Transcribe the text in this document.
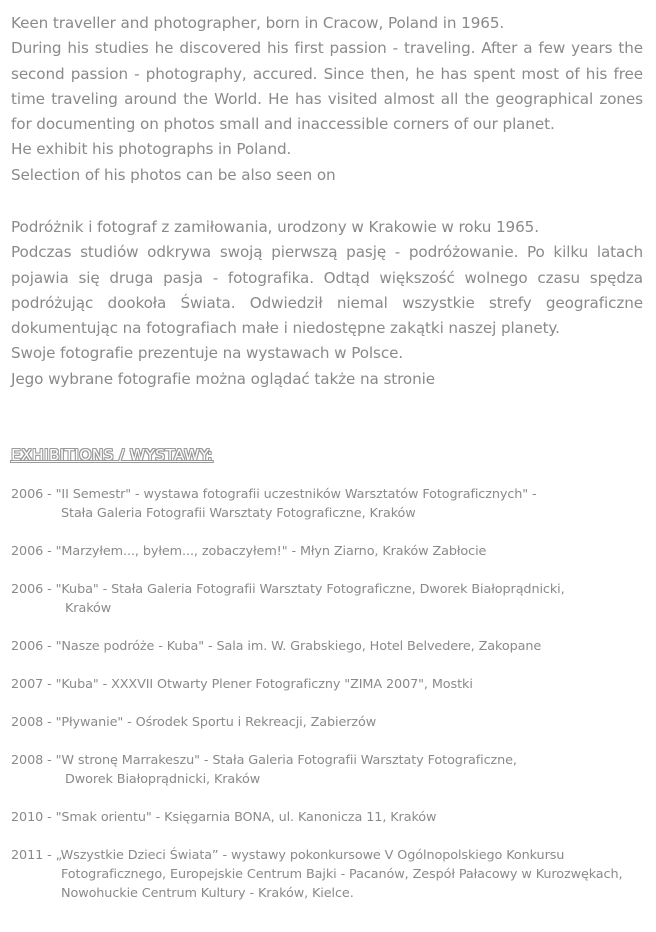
Keen traveller and photographer, born in Cracow, Poland in 1965.

During his studies he discovered his first passion - traveling. After a few years the second passion - photography, accured. Since then, he has spent most of his free time traveling around the World. He has visited almost all the geographical zones for documenting on photos small and inaccessible corners of our planet.

He exhibit his photographs in Poland.

Selection of his photos can be also seen on

Podróżnik i fotograf z zamiłowania, urodzony w Krakowie w roku 1965.

Podczas studiów odkrywa swoją pierwszą pasję - podróżowanie. Po kilku latach pojawia się druga pasja - fotografika. Odtąd większość wolnego czasu spędza podróżując dookoła Świata. Odwiedził niemal wszystkie strefy geograficzne dokumentując na fotografiach małe i niedostępne zakątki naszej planety.

Swoje fotografie prezentuje na wystawach w Polsce.

Jego wybrane fotografie można oglądać także na stronie

EXHIBITIONS / WYSTAWY:
2006 - "II Semestr" - wystawa fotografii uczestników Warsztatów Fotograficznych" -
Stała Galeria Fotografii Warsztaty Fotograficzne, Kraków
2006 - "Marzyłem..., byłem..., zobaczyłem!" - Młyn Ziarno, Kraków Zabłocie
2006 - "Kuba" - Stała Galeria Fotografii Warsztaty Fotograficzne, Dworek Białoprądnicki,
Kraków
2006 - "Nasze podróże - Kuba" - Sala im. W. Grabskiego, Hotel Belvedere, Zakopane
2007 - "Kuba" - XXXVII Otwarty Plener Fotograficzny "ZIMA 2007", Mostki
2008 - "Pływanie" - Ośrodek Sportu i Rekreacji, Zabierzów
2008 - "W stronę Marrakeszu" - Stała Galeria Fotografii Warsztaty Fotograficzne,
Dworek Białoprądnicki, Kraków
2010 - "Smak orientu" - Księgarnia BONA, ul. Kanonicza 11, Kraków
2011 - „Wszystkie Dzieci Świata” - wystawy pokonkursowe V Ogólnopolskiego Konkursu
Fotograficznego, Europejskie Centrum Bajki - Pacanów, Zespół Pałacowy w Kurozwękach,
Nowohuckie Centrum Kultury - Kraków, Kielce.
